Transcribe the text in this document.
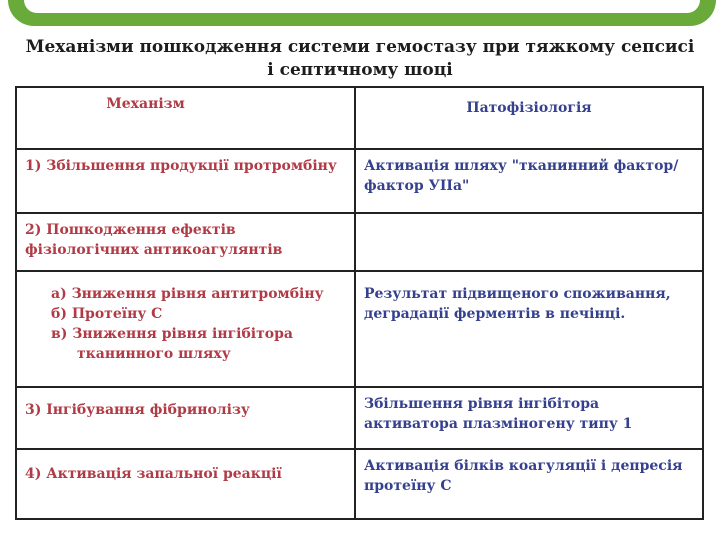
Механізми пошкодження системи гемостазу при тяжкому сепсисі і септичному шоці
Механізм	Патофізіологія
1) Збільшення продукції протромбіну	Активація шляху "тканинний фактор/фактор УІІа"
2) Пошкодження ефектів фізіологічних антикоагулянтів	

а) Зниження рівня антитромбіну
б) Протеїну С
в) Зниження рівня інгібітора
тканинного шляху	Результат підвищеного споживання, деградації ферментів в печінці.
3) Інгібування фібринолізу	Збільшення рівня інгібітора активатора плазміногену типу 1
4) Активація запальної реакції	Активація білків коагуляції і депресія протеїну С
